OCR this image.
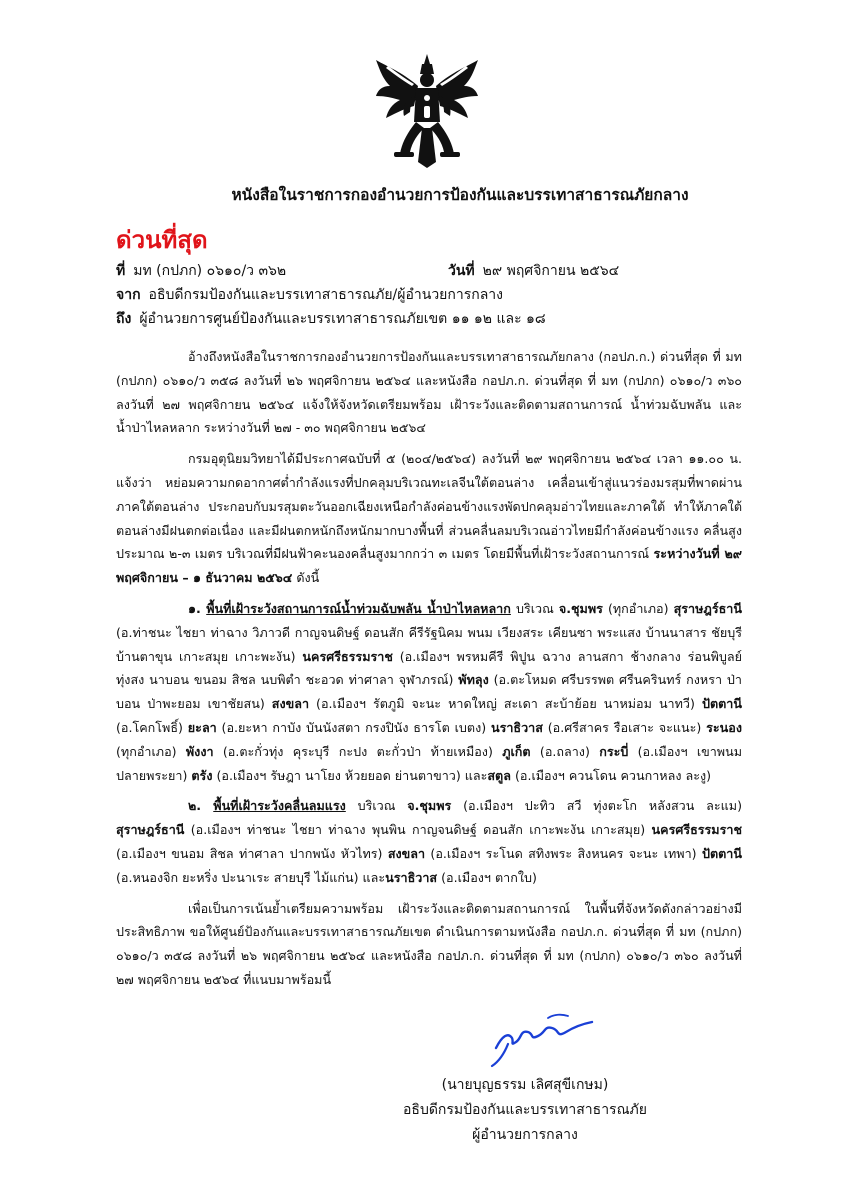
หนังสือในราชการกองอำนวยการป้องกันและบรรเทาสาธารณภัยกลาง
ด่วนที่สุด
ที่ มท (กปภก) ๐๖๑๐/ว ๓๖๒	วันที่ ๒๙ พฤศจิกายน ๒๕๖๔
จาก อธิบดีกรมป้องกันและบรรเทาสาธารณภัย/ผู้อำนวยการกลาง
ถึง ผู้อำนวยการศูนย์ป้องกันและบรรเทาสาธารณภัยเขต ๑๑ ๑๒ และ ๑๘

อ้างถึงหนังสือในราชการกองอำนวยการป้องกันและบรรเทาสาธารณภัยกลาง (กอปภ.ก.) ด่วนที่สุด ที่ มท (กปภก) ๐๖๑๐/ว ๓๕๘ ลงวันที่ ๒๖ พฤศจิกายน ๒๕๖๔ และหนังสือ กอปภ.ก. ด่วนที่สุด ที่ มท (กปภก) ๐๖๑๐/ว ๓๖๐ ลงวันที่ ๒๗ พฤศจิกายน ๒๕๖๔ แจ้งให้จังหวัดเตรียมพร้อม เฝ้าระวังและติดตามสถานการณ์ น้ำท่วมฉับพลัน และน้ำป่าไหลหลาก ระหว่างวันที่ ๒๗ - ๓๐ พฤศจิกายน ๒๕๖๔

กรมอุตุนิยมวิทยาได้มีประกาศฉบับที่ ๕ (๒๐๔/๒๕๖๔) ลงวันที่ ๒๙ พฤศจิกายน ๒๕๖๔ เวลา ๑๑.๐๐ น. แจ้งว่า หย่อมความกดอากาศต่ำกำลังแรงที่ปกคลุมบริเวณทะเลจีนใต้ตอนล่าง เคลื่อนเข้าสู่แนวร่องมรสุมที่พาดผ่านภาคใต้ตอนล่าง ประกอบกับมรสุมตะวันออกเฉียงเหนือกำลังค่อนข้างแรงพัดปกคลุมอ่าวไทยและภาคใต้ ทำให้ภาคใต้ตอนล่างมีฝนตกต่อเนื่อง และมีฝนตกหนักถึงหนักมากบางพื้นที่ ส่วนคลื่นลมบริเวณอ่าวไทยมีกำลังค่อนข้างแรง คลื่นสูงประมาณ ๒-๓ เมตร บริเวณที่มีฝนฟ้าคะนองคลื่นสูงมากกว่า ๓ เมตร โดยมีพื้นที่เฝ้าระวังสถานการณ์ ระหว่างวันที่ ๒๙ พฤศจิกายน – ๑ ธันวาคม ๒๕๖๔ ดังนี้

๑. พื้นที่เฝ้าระวังสถานการณ์น้ำท่วมฉับพลัน น้ำป่าไหลหลาก บริเวณ จ.ชุมพร (ทุกอำเภอ) สุราษฎร์ธานี (อ.ท่าชนะ ไชยา ท่าฉาง วิภาวดี กาญจนดิษฐ์ ดอนสัก คีรีรัฐนิคม พนม เวียงสระ เคียนซา พระแสง บ้านนาสาร ชัยบุรี บ้านตาขุน เกาะสมุย เกาะพะงัน) นครศรีธรรมราช (อ.เมืองฯ พรหมคีรี พิปูน ฉวาง ลานสกา ช้างกลาง ร่อนพิบูลย์ ทุ่งสง นาบอน ขนอม สิชล นบพิตำ ชะอวด ท่าศาลา จุฬาภรณ์) พัทลุง (อ.ตะโหมด ศรีบรรพต ศรีนครินทร์ กงหรา ป่าบอน ป่าพะยอม เขาชัยสน) สงขลา (อ.เมืองฯ รัตภูมิ จะนะ หาดใหญ่ สะเดา สะบ้าย้อย นาหม่อม นาทวี) ปัตตานี (อ.โคกโพธิ์) ยะลา (อ.ยะหา กาบัง บันนังสตา กรงปินัง ธารโต เบตง) นราธิวาส (อ.ศรีสาคร รือเสาะ จะแนะ) ระนอง (ทุกอำเภอ) พังงา (อ.ตะกั่วทุ่ง คุระบุรี กะปง ตะกั่วป่า ท้ายเหมือง) ภูเก็ต (อ.ถลาง) กระบี่ (อ.เมืองฯ เขาพนม ปลายพระยา) ตรัง (อ.เมืองฯ รัษฎา นาโยง ห้วยยอด ย่านตาขาว) และสตูล (อ.เมืองฯ ควนโดน ควนกาหลง ละงู)

๒. พื้นที่เฝ้าระวังคลื่นลมแรง บริเวณ จ.ชุมพร (อ.เมืองฯ ปะทิว สวี ทุ่งตะโก หลังสวน ละแม) สุราษฎร์ธานี (อ.เมืองฯ ท่าชนะ ไชยา ท่าฉาง พุนพิน กาญจนดิษฐ์ ดอนสัก เกาะพะงัน เกาะสมุย) นครศรีธรรมราช (อ.เมืองฯ ขนอม สิชล ท่าศาลา ปากพนัง หัวไทร) สงขลา (อ.เมืองฯ ระโนด สทิงพระ สิงหนคร จะนะ เทพา) ปัตตานี (อ.หนองจิก ยะหริ่ง ปะนาเระ สายบุรี ไม้แก่น) และนราธิวาส (อ.เมืองฯ ตากใบ)

เพื่อเป็นการเน้นย้ำเตรียมความพร้อม เฝ้าระวังและติดตามสถานการณ์ ในพื้นที่จังหวัดดังกล่าวอย่างมีประสิทธิภาพ ขอให้ศูนย์ป้องกันและบรรเทาสาธารณภัยเขต ดำเนินการตามหนังสือ กอปภ.ก. ด่วนที่สุด ที่ มท (กปภก) ๐๖๑๐/ว ๓๕๘ ลงวันที่ ๒๖ พฤศจิกายน ๒๕๖๔ และหนังสือ กอปภ.ก. ด่วนที่สุด ที่ มท (กปภก) ๐๖๑๐/ว ๓๖๐ ลงวันที่ ๒๗ พฤศจิกายน ๒๕๖๔ ที่แนบมาพร้อมนี้

(นายบุญธรรม เลิศสุขีเกษม)
อธิบดีกรมป้องกันและบรรเทาสาธารณภัย
ผู้อำนวยการกลาง
